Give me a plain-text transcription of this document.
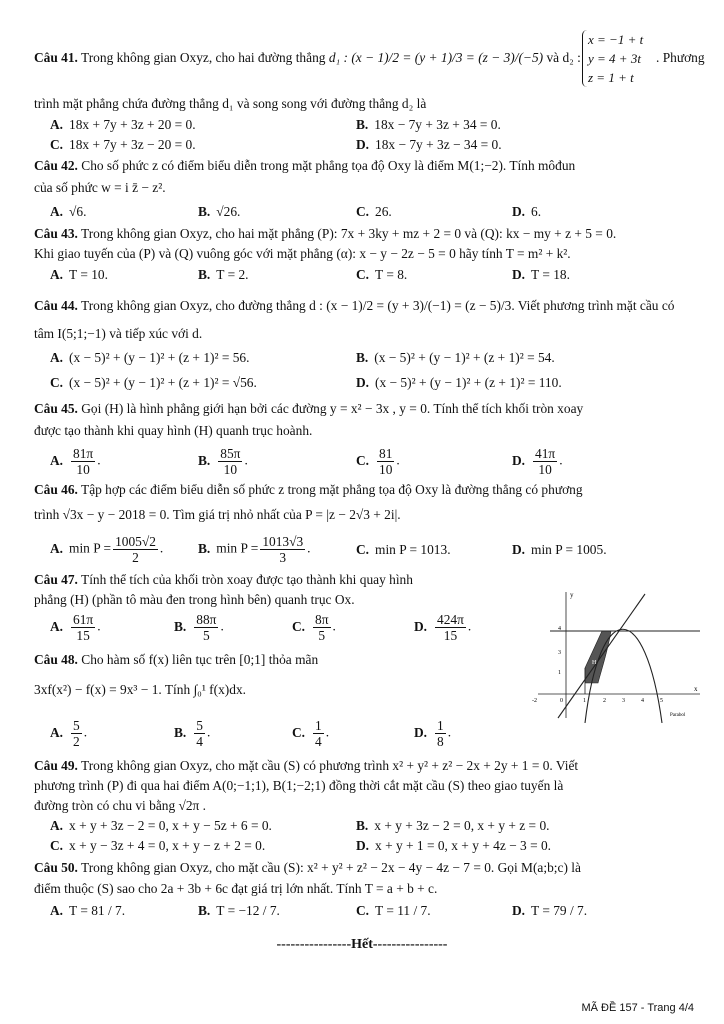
Câu 41. Trong không gian Oxyz, cho hai đường thẳng d₁ : (x − 1)/2 = (y + 1)/3 = (z − 3)/(−5) và d₂ :
x = −1 + t
y = 4 + 3t
z = 1 + t
. Phương
trình mặt phẳng chứa đường thẳng d₁ và song song với đường thẳng d₂ là
A. 18x + 7y + 3z + 20 = 0.	B. 18x − 7y + 3z + 34 = 0.
C. 18x + 7y + 3z − 20 = 0.	D. 18x − 7y + 3z − 34 = 0.
Câu 42. Cho số phức z có điểm biểu diễn trong mặt phẳng tọa độ Oxy là điểm M(1;−2). Tính môđun
của số phức w = i z̄ − z².
A. √6.	B. √26.	C. 26.	D. 6.
Câu 43. Trong không gian Oxyz, cho hai mặt phẳng (P): 7x + 3ky + mz + 2 = 0 và (Q): kx − my + z + 5 = 0.
Khi giao tuyến của (P) và (Q) vuông góc với mặt phẳng (α): x − y − 2z − 5 = 0 hãy tính T = m² + k².
A. T = 10.	B. T = 2.	C. T = 8.	D. T = 18.
Câu 44. Trong không gian Oxyz, cho đường thẳng d : (x − 1)/2 = (y + 3)/(−1) = (z − 5)/3. Viết phương trình mặt cầu có
tâm I(5;1;−1) và tiếp xúc với d.
A. (x − 5)² + (y − 1)² + (z + 1)² = 56.	B. (x − 5)² + (y − 1)² + (z + 1)² = 54.
C. (x − 5)² + (y − 1)² + (z + 1)² = √56.	D. (x − 5)² + (y − 1)² + (z + 1)² = 110.
Câu 45. Gọi (H) là hình phẳng giới hạn bởi các đường y = x² − 3x , y = 0. Tính thể tích khối tròn xoay
được tạo thành khi quay hình (H) quanh trục hoành.
A. $\frac{81\pi}{10}$ .	B. $\frac{85\pi}{10}$ .	C. $\frac{81}{10}$ .	D. $\frac{41\pi}{10}$ .
Câu 46. Tập hợp các điểm biểu diễn số phức z trong mặt phẳng tọa độ Oxy là đường thẳng có phương
trình √3x − y − 2018 = 0. Tìm giá trị nhỏ nhất của P = |z − 2√3 + 2i|.
A. $\min P = \frac{1005√2}{2}$ .	B. $\min P = \frac{1013√3}{3}$ .	C. min P = 1013.	D. min P = 1005.
Câu 47. Tính thể tích của khối tròn xoay được tạo thành khi quay hình
phẳng (H) (phần tô màu đen trong hình bên) quanh trục Ox.
A. $\frac{61\pi}{15}$ .	B. $\frac{88\pi}{5}$ .	C. $\frac{8\pi}{5}$ .	D. $\frac{424\pi}{15}$ .
y
x
0
H
4
3
1
-2	1	2	3	4	5
Parabol
Câu 48. Cho hàm số f(x) liên tục trên [0;1] thỏa mãn
3xf(x²) − f(x) = 9x³ − 1. Tính ∫₀¹ f(x)dx.
A. $\frac{5}{2}$ .	B. $\frac{5}{4}$ .	C. $\frac{1}{4}$ .	D. $\frac{1}{8}$ .
Câu 49. Trong không gian Oxyz, cho mặt cầu (S) có phương trình x² + y² + z² − 2x + 2y + 1 = 0. Viết
phương trình (P) đi qua hai điểm A(0;−1;1), B(1;−2;1) đồng thời cắt mặt cầu (S) theo giao tuyến là
đường tròn có chu vi bằng √2π .
A. x + y + 3z − 2 = 0, x + y − 5z + 6 = 0.	B. x + y + 3z − 2 = 0, x + y + z = 0.
C. x + y − 3z + 4 = 0, x + y − z + 2 = 0.	D. x + y + 1 = 0, x + y + 4z − 3 = 0.
Câu 50. Trong không gian Oxyz, cho mặt cầu (S): x² + y² + z² − 2x − 4y − 4z − 7 = 0. Gọi M(a;b;c) là
điểm thuộc (S) sao cho 2a + 3b + 6c đạt giá trị lớn nhất. Tính T = a + b + c.
A. T = 81 / 7.	B. T = −12 / 7.	C. T = 11 / 7.	D. T = 79 / 7.
----------------Hết----------------
MÃ ĐỀ 157 - Trang 4/4
